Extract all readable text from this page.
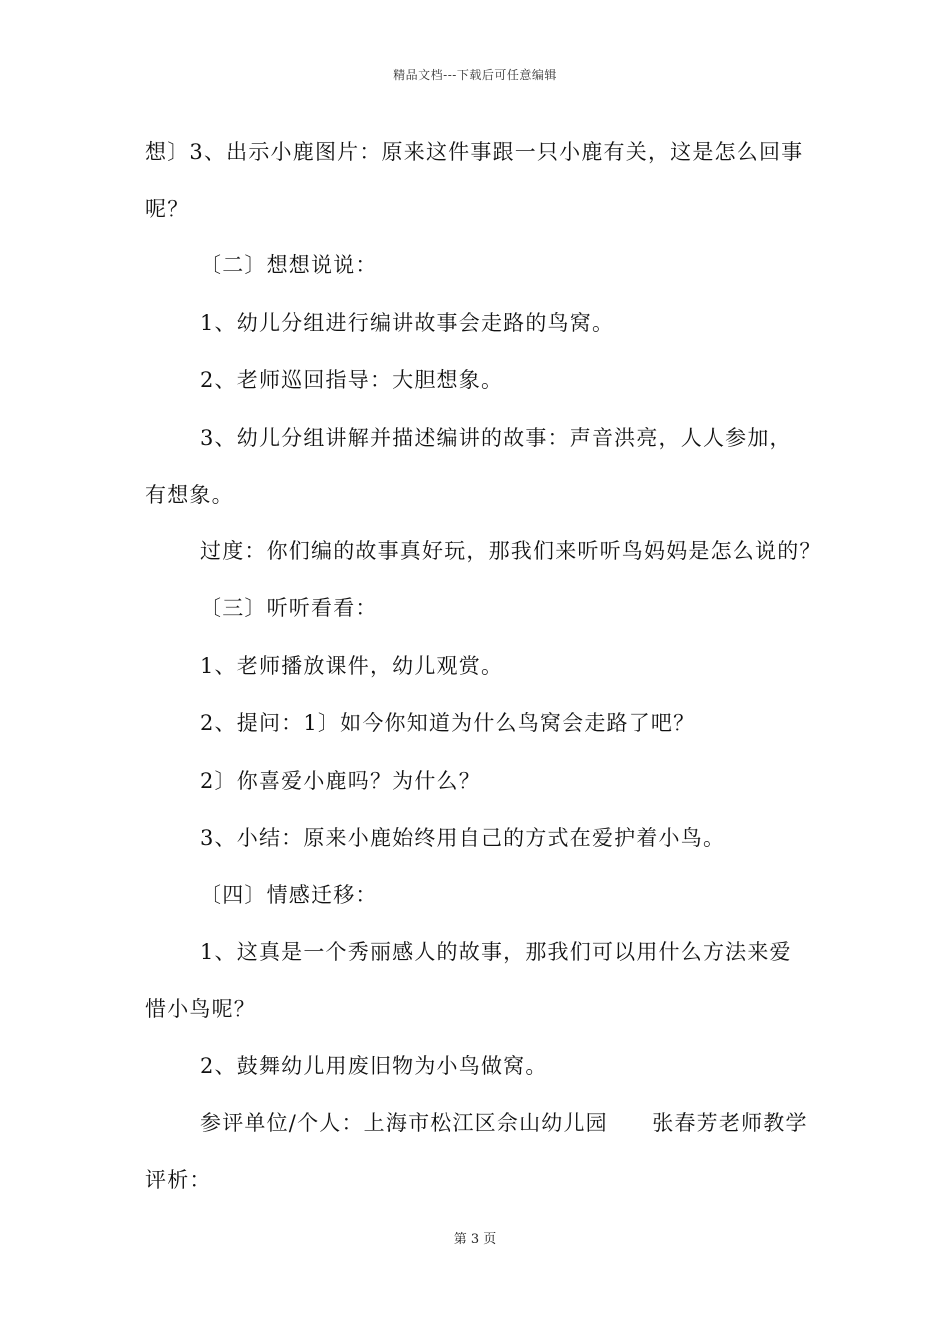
精品文档---下载后可任意编辑
想〕3、出示小鹿图片：原来这件事跟一只小鹿有关，这是怎么回事
呢？
〔二〕想想说说：
1、幼儿分组进行编讲故事会走路的鸟窝。
2、老师巡回指导：大胆想象。
3、幼儿分组讲解并描述编讲的故事：声音洪亮，人人参加，
有想象。
过度：你们编的故事真好玩，那我们来听听鸟妈妈是怎么说的？
〔三〕听听看看：
1、老师播放课件，幼儿观赏。
2、提问：1〕如今你知道为什么鸟窝会走路了吧？
2〕你喜爱小鹿吗？为什么？
3、小结：原来小鹿始终用自己的方式在爱护着小鸟。
〔四〕情感迁移：
1、这真是一个秀丽感人的故事，那我们可以用什么方法来爱
惜小鸟呢？
2、鼓舞幼儿用废旧物为小鸟做窝。
参评单位/个人：上海市松江区佘山幼儿园　　张春芳老师教学
评析：
第 3 页
